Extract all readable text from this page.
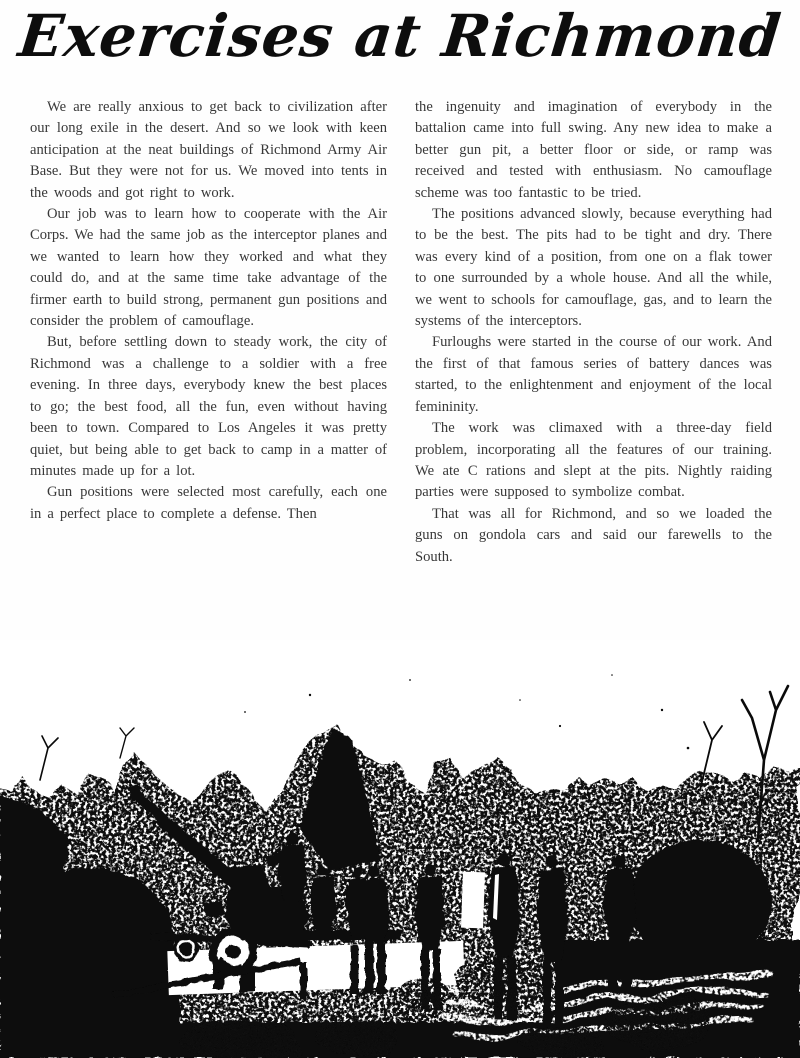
Exercises at Richmond

We are really anxious to get back to civilization after our long exile in the desert. And so we look with keen anticipation at the neat buildings of Richmond Army Air Base. But they were not for us. We moved into tents in the woods and got right to work.

Our job was to learn how to cooperate with the Air Corps. We had the same job as the interceptor planes and we wanted to learn how they worked and what they could do, and at the same time take advantage of the firmer earth to build strong, permanent gun positions and consider the problem of camouflage.

But, before settling down to steady work, the city of Richmond was a challenge to a soldier with a free evening. In three days, everybody knew the best places to go; the best food, all the fun, even without having been to town. Compared to Los Angeles it was pretty quiet, but being able to get back to camp in a matter of minutes made up for a lot.

Gun positions were selected most carefully, each one in a perfect place to complete a defense. Then

the ingenuity and imagination of everybody in the battalion came into full swing. Any new idea to make a better gun pit, a better floor or side, or ramp was received and tested with enthusiasm. No camouflage scheme was too fantastic to be tried.

The positions advanced slowly, because everything had to be the best. The pits had to be tight and dry. There was every kind of a position, from one on a flak tower to one surrounded by a whole house. And all the while, we went to schools for camouflage, gas, and to learn the systems of the interceptors.

Furloughs were started in the course of our work. And the first of that famous series of battery dances was started, to the enlightenment and enjoyment of the local femininity.

The work was climaxed with a three-day field problem, incorporating all the features of our training. We ate C rations and slept at the pits. Nightly raiding parties were supposed to symbolize combat.

That was all for Richmond, and so we loaded the guns on gondola cars and said our farewells to the South.
